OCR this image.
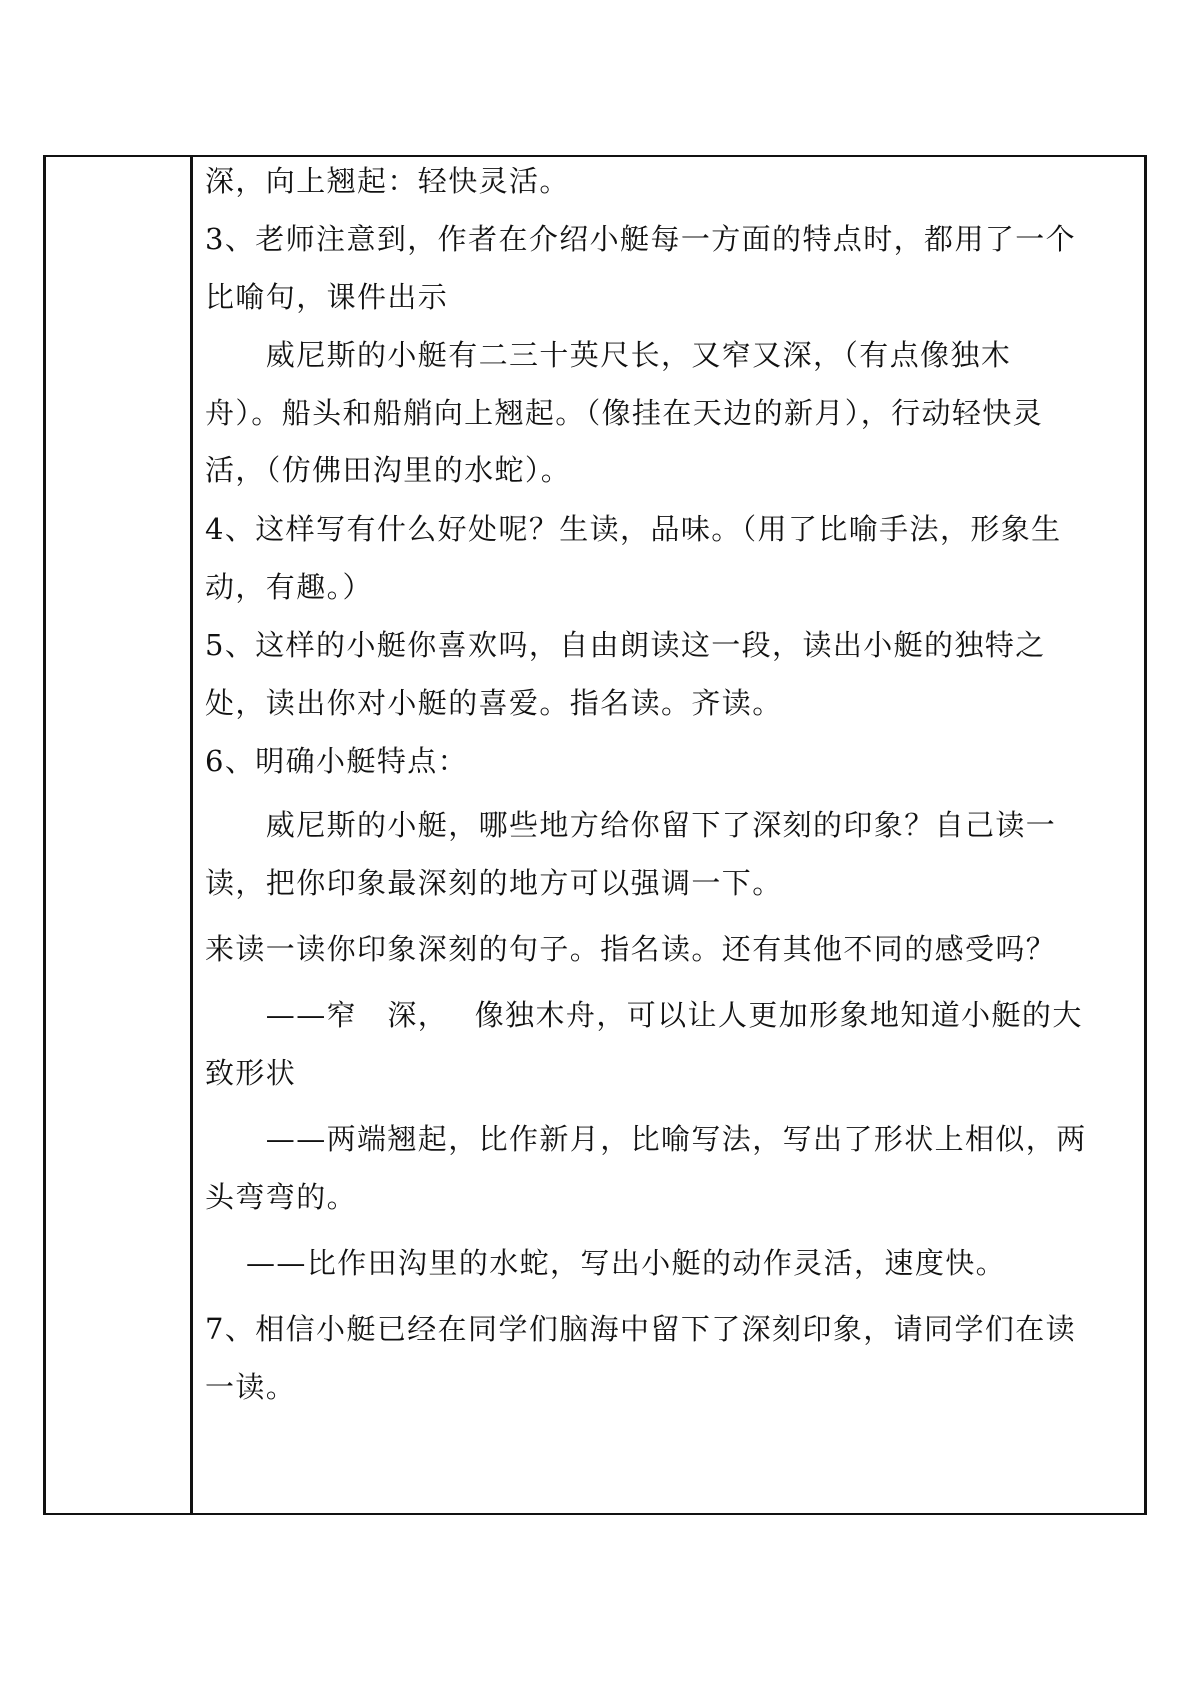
深，向上翘起：轻快灵活。
3、老师注意到，作者在介绍小艇每一方面的特点时，都用了一个
比喻句，课件出示
　　威尼斯的小艇有二三十英尺长，又窄又深，（有点像独木
舟）。船头和船艄向上翘起。（像挂在天边的新月），行动轻快灵
活，（仿佛田沟里的水蛇）。
4、这样写有什么好处呢？生读，品味。（用了比喻手法，形象生
动，有趣。）
5、这样的小艇你喜欢吗，自由朗读这一段，读出小艇的独特之
处，读出你对小艇的喜爱。指名读。齐读。
6、明确小艇特点：
　　威尼斯的小艇，哪些地方给你留下了深刻的印象？自己读一
读，把你印象最深刻的地方可以强调一下。
来读一读你印象深刻的句子。指名读。还有其他不同的感受吗？
　　——窄　深，　 像独木舟，可以让人更加形象地知道小艇的大
致形状
　　——两端翘起，比作新月，比喻写法，写出了形状上相似，两
头弯弯的。
　 ——比作田沟里的水蛇，写出小艇的动作灵活，速度快。
7、相信小艇已经在同学们脑海中留下了深刻印象，请同学们在读
一读。
